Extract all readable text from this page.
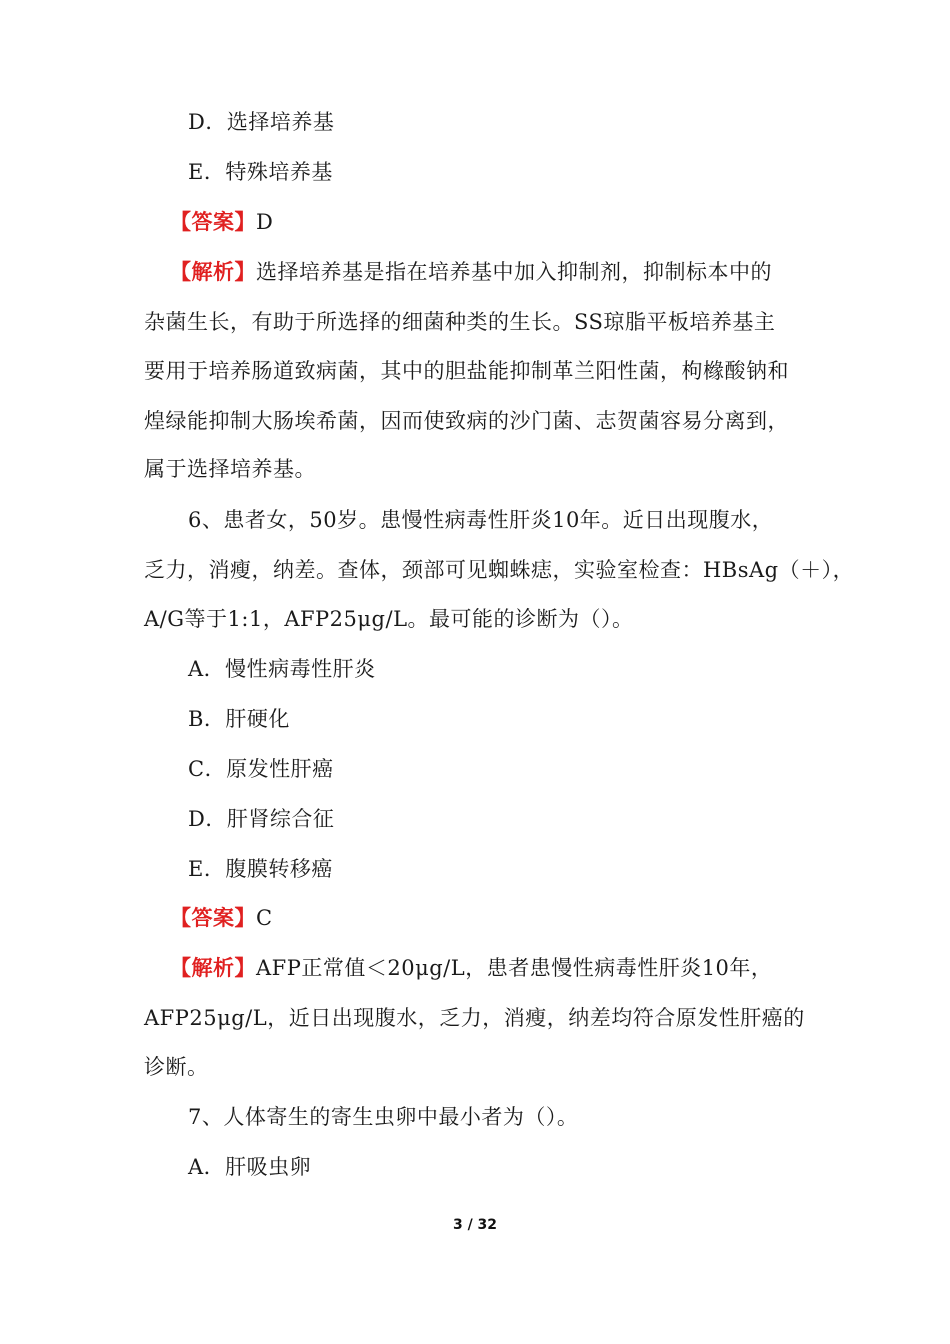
D．选择培养基
E．特殊培养基
【答案】D
【解析】选择培养基是指在培养基中加入抑制剂，抑制标本中的
杂菌生长，有助于所选择的细菌种类的生长。SS琼脂平板培养基主
要用于培养肠道致病菌，其中的胆盐能抑制革兰阳性菌，枸橼酸钠和
煌绿能抑制大肠埃希菌，因而使致病的沙门菌、志贺菌容易分离到，
属于选择培养基。
6、患者女，50岁。患慢性病毒性肝炎10年。近日出现腹水，
乏力，消瘦，纳差。查体，颈部可见蜘蛛痣，实验室检查：HBsAg（＋），
A/G等于1:1，AFP25μg/L。最可能的诊断为（）。
A．慢性病毒性肝炎
B．肝硬化
C．原发性肝癌
D．肝肾综合征
E．腹膜转移癌
【答案】C
【解析】AFP正常值＜20μg/L，患者患慢性病毒性肝炎10年，
AFP25μg/L，近日出现腹水，乏力，消瘦，纳差均符合原发性肝癌的
诊断。
7、人体寄生的寄生虫卵中最小者为（）。
A．肝吸虫卵
3 / 32
